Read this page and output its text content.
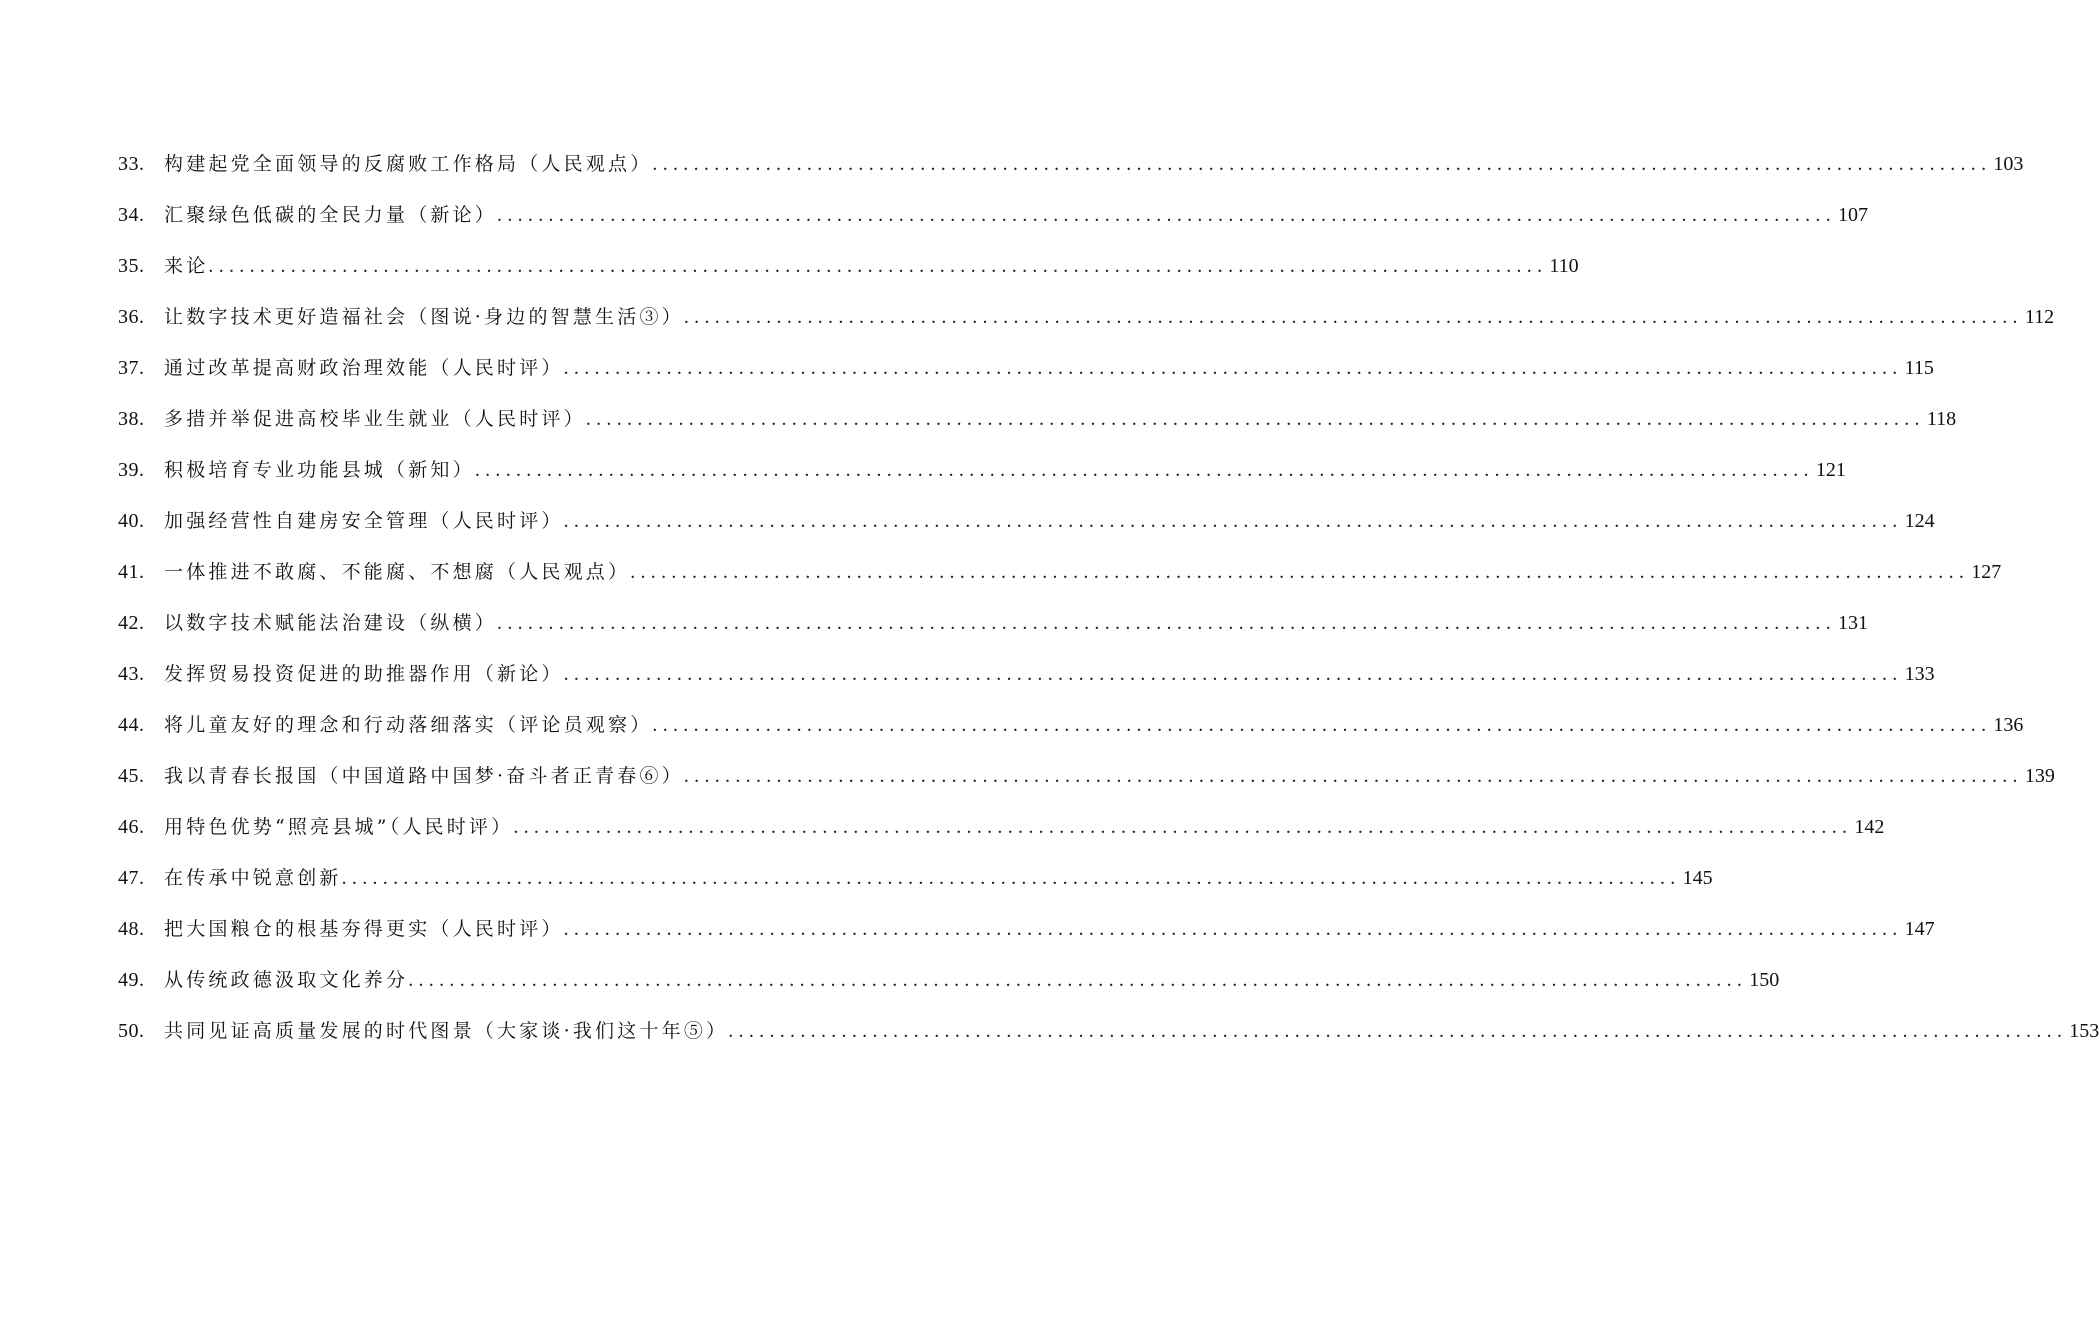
33.	构建起党全面领导的反腐败工作格局（人民观点） .................................................................................................................................. 103
34.	汇聚绿色低碳的全民力量（新论） .................................................................................................................................. 107
35.	来论 .................................................................................................................................. 110
36.	让数字技术更好造福社会（图说·身边的智慧生活③） .................................................................................................................................. 112
37.	通过改革提高财政治理效能（人民时评） .................................................................................................................................. 115
38.	多措并举促进高校毕业生就业（人民时评） .................................................................................................................................. 118
39.	积极培育专业功能县城（新知） .................................................................................................................................. 121
40.	加强经营性自建房安全管理（人民时评） .................................................................................................................................. 124
41.	一体推进不敢腐、不能腐、不想腐（人民观点） .................................................................................................................................. 127
42.	以数字技术赋能法治建设（纵横） .................................................................................................................................. 131
43.	发挥贸易投资促进的助推器作用（新论） .................................................................................................................................. 133
44.	将儿童友好的理念和行动落细落实（评论员观察） .................................................................................................................................. 136
45.	我以青春长报国（中国道路中国梦·奋斗者正青春⑥） .................................................................................................................................. 139
46.	用特色优势“照亮县城”（人民时评） .................................................................................................................................. 142
47.	在传承中锐意创新 .................................................................................................................................. 145
48.	把大国粮仓的根基夯得更实（人民时评） .................................................................................................................................. 147
49.	从传统政德汲取文化养分 .................................................................................................................................. 150
50.	共同见证高质量发展的时代图景（大家谈·我们这十年⑤） .................................................................................................................................. 153
